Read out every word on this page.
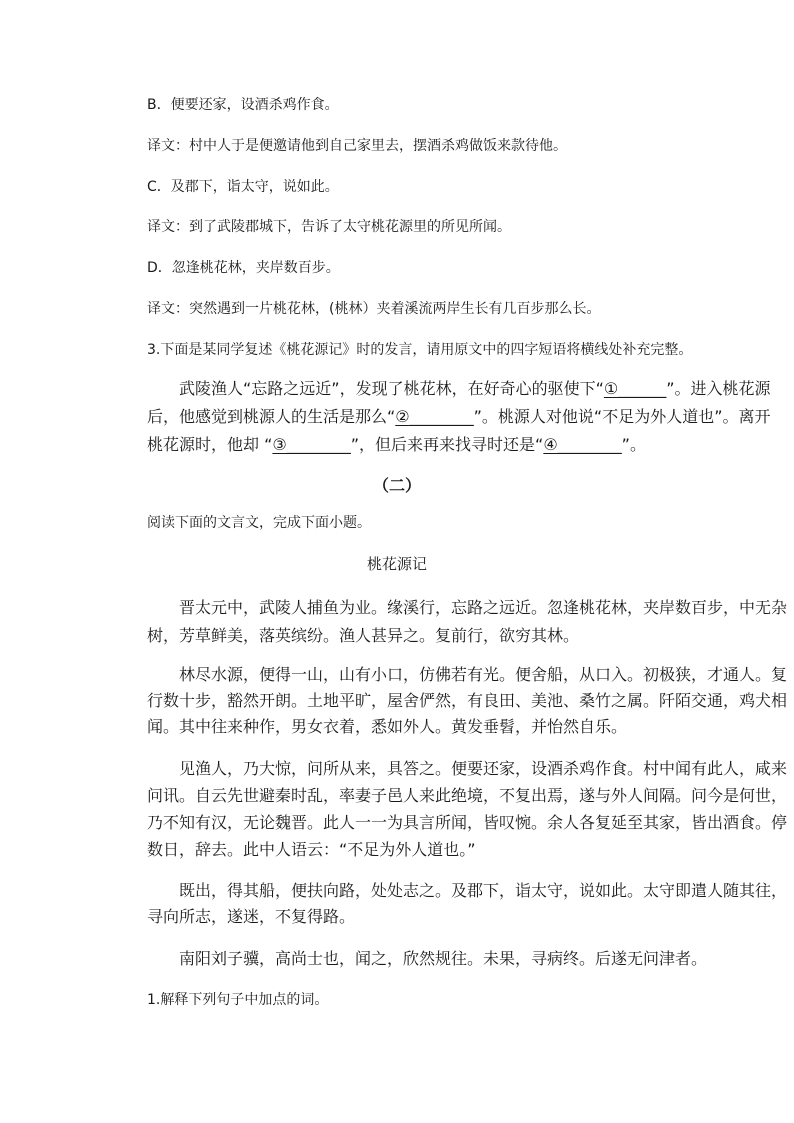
B．便要还家，设酒杀鸡作食。
译文：村中人于是便邀请他到自己家里去，摆酒杀鸡做饭来款待他。
C．及郡下，诣太守，说如此。
译文：到了武陵郡城下，告诉了太守桃花源里的所见所闻。
D．忽逢桃花林，夹岸数百步。
译文：突然遇到一片桃花林，(桃林）夹着溪流两岸生长有几百步那么长。
3.下面是某同学复述《桃花源记》时的发言，请用原文中的四字短语将横线处补充完整。
武陵渔人“忘路之远近”，发现了桃花林，在好奇心的驱使下“①______”。进入桃花源
后，他感觉到桃源人的生活是那么“②________”。桃源人对他说“不足为外人道也”。离开
桃花源时，他却 “③________”，但后来再来找寻时还是“④________”。
（二）
阅读下面的文言文，完成下面小题。
桃花源记
晋太元中，武陵人捕鱼为业。缘溪行，忘路之远近。忽逢桃花林，夹岸数百步，中无杂
树，芳草鲜美，落英缤纷。渔人甚异之。复前行，欲穷其林。
林尽水源，便得一山，山有小口，仿佛若有光。便舍船，从口入。初极狭，才通人。复
行数十步，豁然开朗。土地平旷，屋舍俨然，有良田、美池、桑竹之属。阡陌交通，鸡犬相
闻。其中往来种作，男女衣着，悉如外人。黄发垂髫，并怡然自乐。
见渔人，乃大惊，问所从来，具答之。便要还家，设酒杀鸡作食。村中闻有此人，咸来
问讯。自云先世避秦时乱，率妻子邑人来此绝境，不复出焉，遂与外人间隔。问今是何世，
乃不知有汉，无论魏晋。此人一一为具言所闻，皆叹惋。余人各复延至其家，皆出酒食。停
数日，辞去。此中人语云：“不足为外人道也。”
既出，得其船，便扶向路，处处志之。及郡下，诣太守，说如此。太守即遣人随其往，
寻向所志，遂迷，不复得路。
南阳刘子骥，高尚士也，闻之，欣然规往。未果，寻病终。后遂无问津者。
1.解释下列句子中加点的词。
